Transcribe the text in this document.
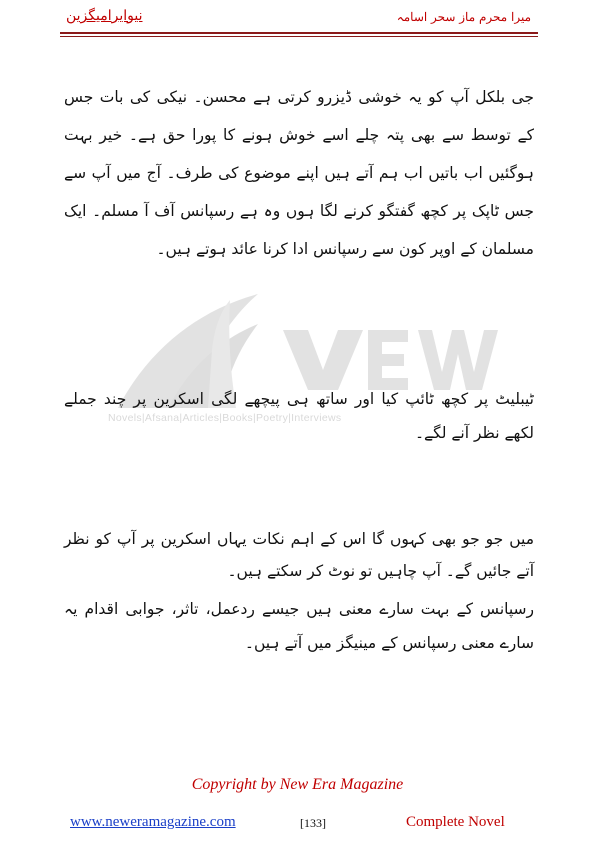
نیوایرامیگزین	میرا محرم ماز سحر اسامہ
Novels|Afsana|Articles|Books|Poetry|Interviews

جی بلکل آپ کو یہ خوشی ڈیزرو کرتی ہے محسن۔ نیکی کی بات جس کے توسط سے بھی پتہ چلے اسے خوش ہونے کا پورا حق ہے۔ خیر بہت ہوگئیں اب باتیں اب ہم آتے ہیں اپنے موضوع کی طرف۔ آج میں آپ سے جس ٹاپک پر کچھ گفتگو کرنے لگا ہوں وہ ہے رسپانس آف آ مسلم۔ ایک مسلمان کے اوپر کون سے رسپانس ادا کرنا عائد ہوتے ہیں۔

ٹیبلیٹ پر کچھ ٹائپ کیا اور ساتھ ہی پیچھے لگی اسکرین پر چند جملے لکھے نظر آنے لگے۔

میں جو جو بھی کہوں گا اس کے اہم نکات یہاں اسکرین پر آپ کو نظر آتے جائیں گے۔ آپ چاہیں تو نوٹ کر سکتے ہیں۔

رسپانس کے بہت سارے معنی ہیں جیسے ردعمل، تاثر، جوابی اقدام یہ سارے معنی رسپانس کے مینیگز میں آتے ہیں۔

Copyright by New Era Magazine
www.neweramagazine.com	[133]	Complete Novel
